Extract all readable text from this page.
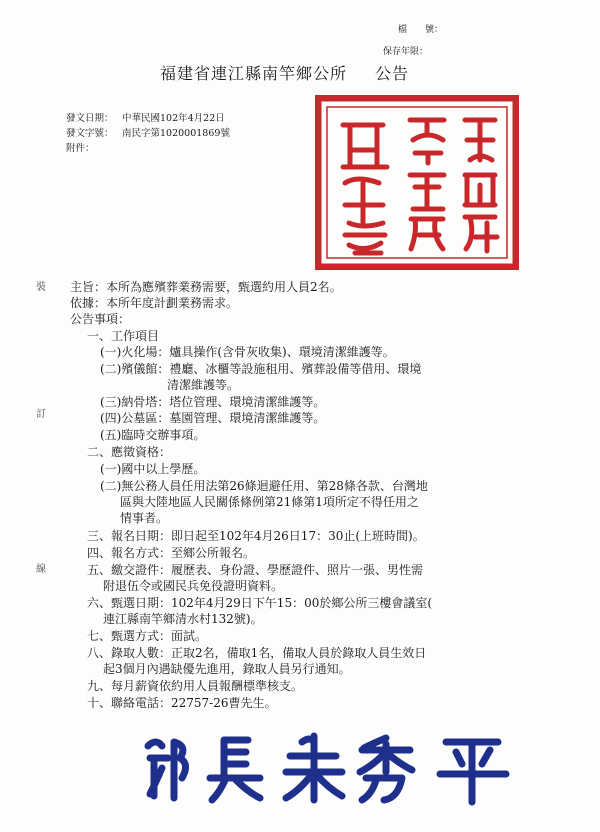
檔　　號：
保存年限：
福建省連江縣南竿鄉公所 公告
發文日期： 中華民國102年4月22日
發文字號： 南民字第1020001869號
附件：
裝
訂
線
主旨：本所為應殯葬業務需要，甄選約用人員2名。
依據：本所年度計劃業務需求。
公告事項：
一、工作項目
(一)火化場：爐具操作(含骨灰收集)、環境清潔維護等。
(二)殯儀館：禮廳、冰櫃等設施租用、殯葬設備等借用、環境
清潔維護等。
(三)納骨塔：塔位管理、環境清潔維護等。
(四)公墓區：墓園管理、環境清潔維護等。
(五)臨時交辦事項。
二、應徵資格：
(一)國中以上學歷。
(二)無公務人員任用法第26條迴避任用、第28條各款、台灣地
區與大陸地區人民關係條例第21條第1項所定不得任用之
情事者。
三、報名日期：即日起至102年4月26日17：30止(上班時間)。
四、報名方式：至鄉公所報名。
五、繳交證件：履歷表、身份證、學歷證件、照片一張、男性需
附退伍令或國民兵免役證明資料。
六、甄選日期：102年4月29日下午15：00於鄉公所三樓會議室(
連江縣南竿鄉清水村132號)。
七、甄選方式：面試。
八、錄取人數：正取2名，備取1名，備取人員於錄取人員生效日
起3個月內遇缺優先進用，錄取人員另行通知。
九、每月薪資依約用人員報酬標準核支。
十、聯絡電話：22757-26曹先生。
